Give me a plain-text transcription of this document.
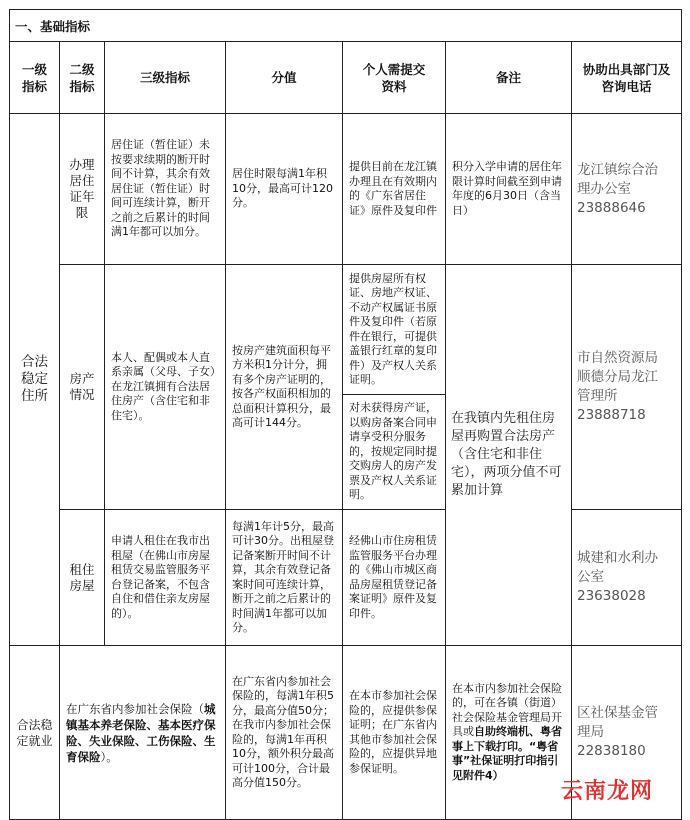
一、基础指标						
一级指标	二级指标	三级指标	分值	个人需提交资料	备注	协助出具部门及咨询电话
合法稳定住所	办理居住证年限	居住证（暂住证）未按要求续期的断开时间不计算，其余有效居住证（暂住证）时间可连续计算，断开之前之后累计的时间满1年都可以加分。	居住时限每满1年积10分，最高可计120分。	提供目前在龙江镇办理且在有效期内的《广东省居住证》原件及复印件	积分入学申请的居住年限计算时间截至到申请年度的6月30日（含当日）	龙江镇综合治
理办公室
23888646

	房产情况	本人、配偶或本人直系亲属（父母、子女）在龙江镇拥有合法居住房产（含住宅和非住宅）。	按房产建筑面积每平方米积1分计分，拥有多个房产证明的，按各产权面积相加的总面积计算积分，最高可计144分。	提供房屋所有权证、房地产权证、不动产权属证书原件及复印件（若原件在银行，可提供盖银行红章的复印件）及产权人关系证明。	在我镇内先租住房屋再购置合法房产（含住宅和非住宅），两项分值不可累加计算	市自然资源局
顺德分局龙江
管理所
23888718

				对未获得房产证，以购房备案合同申请享受积分服务的，按规定同时提交购房人的房产发票及产权人关系证明。		
	租住房屋	申请人租住在我市出租屋（在佛山市房屋租赁交易监管服务平台登记备案，不包含自住和借住亲友房屋的）。	每满1年计5分，最高可计30分。出租屋登记备案断开时间不计算，其余有效登记备案时间可连续计算，断开之前之后累计的时间满1年都可以加分。	经佛山市住房租赁监管服务平台办理的《佛山市城区商品房屋租赁登记备案证明》原件及复印件。		城建和水利办
公室
23638028

合法稳定就业	在广东省内参加社会保险（城镇基本养老保险、基本医疗保险、失业保险、工伤保险、生育保险）。		在广东省内参加社会保险的，每满1年积5分，最高分值50分；在我市内参加社会保险的，每满1年再积10分，额外积分最高可计100分，合计最高分值150分。	在本市参加社会保险的，应提供参保证明；在广东省内其他市参加社会保险的，应提供异地参保证明。	在本市内参加社会保险的，可在各镇（街道）社会保险基金管理局开具或自助终端机、粤省事上下载打印。“粤省事”社保证明打印指引见附件4）	区社保基金管
理局
22838180
云南龙网
